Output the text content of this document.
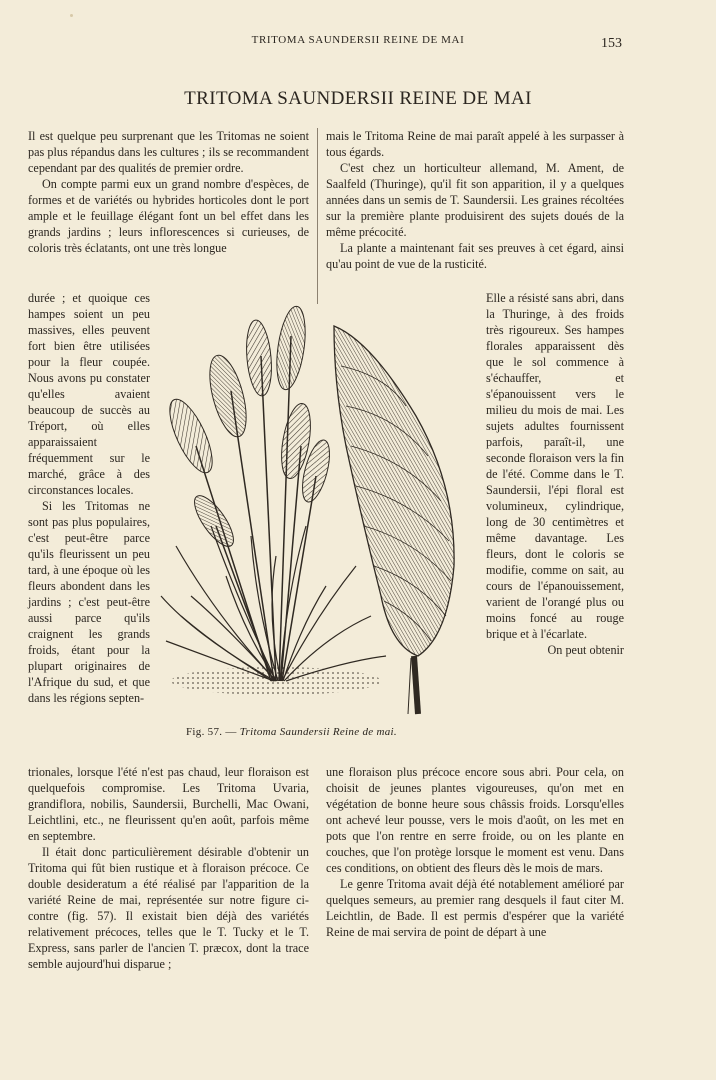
TRITOMA SAUNDERSII REINE DE MAI	153
TRITOMA SAUNDERSII REINE DE MAI

Il est quelque peu surprenant que les Tritomas ne soient pas plus répandus dans les cultures ; ils se recommandent cependant par des qualités de premier ordre.

On compte parmi eux un grand nombre d'espèces, de formes et de variétés ou hybrides horticoles dont le port ample et le feuillage élégant font un bel effet dans les grands jardins ; leurs inflorescences si curieuses, de coloris très éclatants, ont une très longue

durée ; et quoique ces hampes soient un peu massives, elles peuvent fort bien être utilisées pour la fleur coupée. Nous avons pu constater qu'elles avaient beaucoup de succès au Tréport, où elles apparaissaient fréquemment sur le marché, grâce à des circonstances locales.

Si les Tritomas ne sont pas plus populaires, c'est peut-être parce qu'ils fleurissent un peu tard, à une époque où les fleurs abondent dans les jardins ; c'est peut-être aussi parce qu'ils craignent les grands froids, étant pour la plupart originaires de l'Afrique du sud, et que dans les régions septen-

trionales, lorsque l'été n'est pas chaud, leur floraison est quelquefois compromise. Les Tritoma Uvaria, grandiflora, nobilis, Saundersii, Burchelli, Mac Owani, Leichtlini, etc., ne fleurissent qu'en août, parfois même en septembre.

Il était donc particulièrement désirable d'obtenir un Tritoma qui fût bien rustique et à floraison précoce. Ce double desideratum a été réalisé par l'apparition de la variété Reine de mai, représentée sur notre figure ci-contre (fig. 57). Il existait bien déjà des variétés relativement précoces, telles que le T. Tucky et le T. Express, sans parler de l'ancien T. præcox, dont la trace semble aujourd'hui disparue ;

mais le Tritoma Reine de mai paraît appelé à les surpasser à tous égards.

C'est chez un horticulteur allemand, M. Ament, de Saalfeld (Thuringe), qu'il fit son apparition, il y a quelques années dans un semis de T. Saundersii. Les graines récoltées sur la première plante produisirent des sujets doués de la même précocité.

La plante a maintenant fait ses preuves à cet égard, ainsi qu'au point de vue de la rusticité.

Elle a résisté sans abri, dans la Thuringe, à des froids très rigoureux. Ses hampes florales apparaissent dès que le sol commence à s'échauffer, et s'épanouissent vers le milieu du mois de mai. Les sujets adultes fournissent parfois, paraît-il, une seconde floraison vers la fin de l'été. Comme dans le T. Saundersii, l'épi floral est volumineux, cylindrique, long de 30 centimètres et même davantage. Les fleurs, dont le coloris se modifie, comme on sait, au cours de l'épanouissement, varient de l'orangé plus ou moins foncé au rouge brique et à l'écarlate.

On peut obtenir

une floraison plus précoce encore sous abri. Pour cela, on choisit de jeunes plantes vigoureuses, qu'on met en végétation de bonne heure sous châssis froids. Lorsqu'elles ont achevé leur pousse, vers le mois d'août, on les met en pots que l'on rentre en serre froide, ou on les plante en couches, que l'on protège lorsque le moment est venu. Dans ces conditions, on obtient des fleurs dès le mois de mars.

Le genre Tritoma avait déjà été notablement amélioré par quelques semeurs, au premier rang desquels il faut citer M. Leichtlin, de Bade. Il est permis d'espérer que la variété Reine de mai servira de point de départ à une

Fig. 57. — Tritoma Saundersii Reine de mai.
